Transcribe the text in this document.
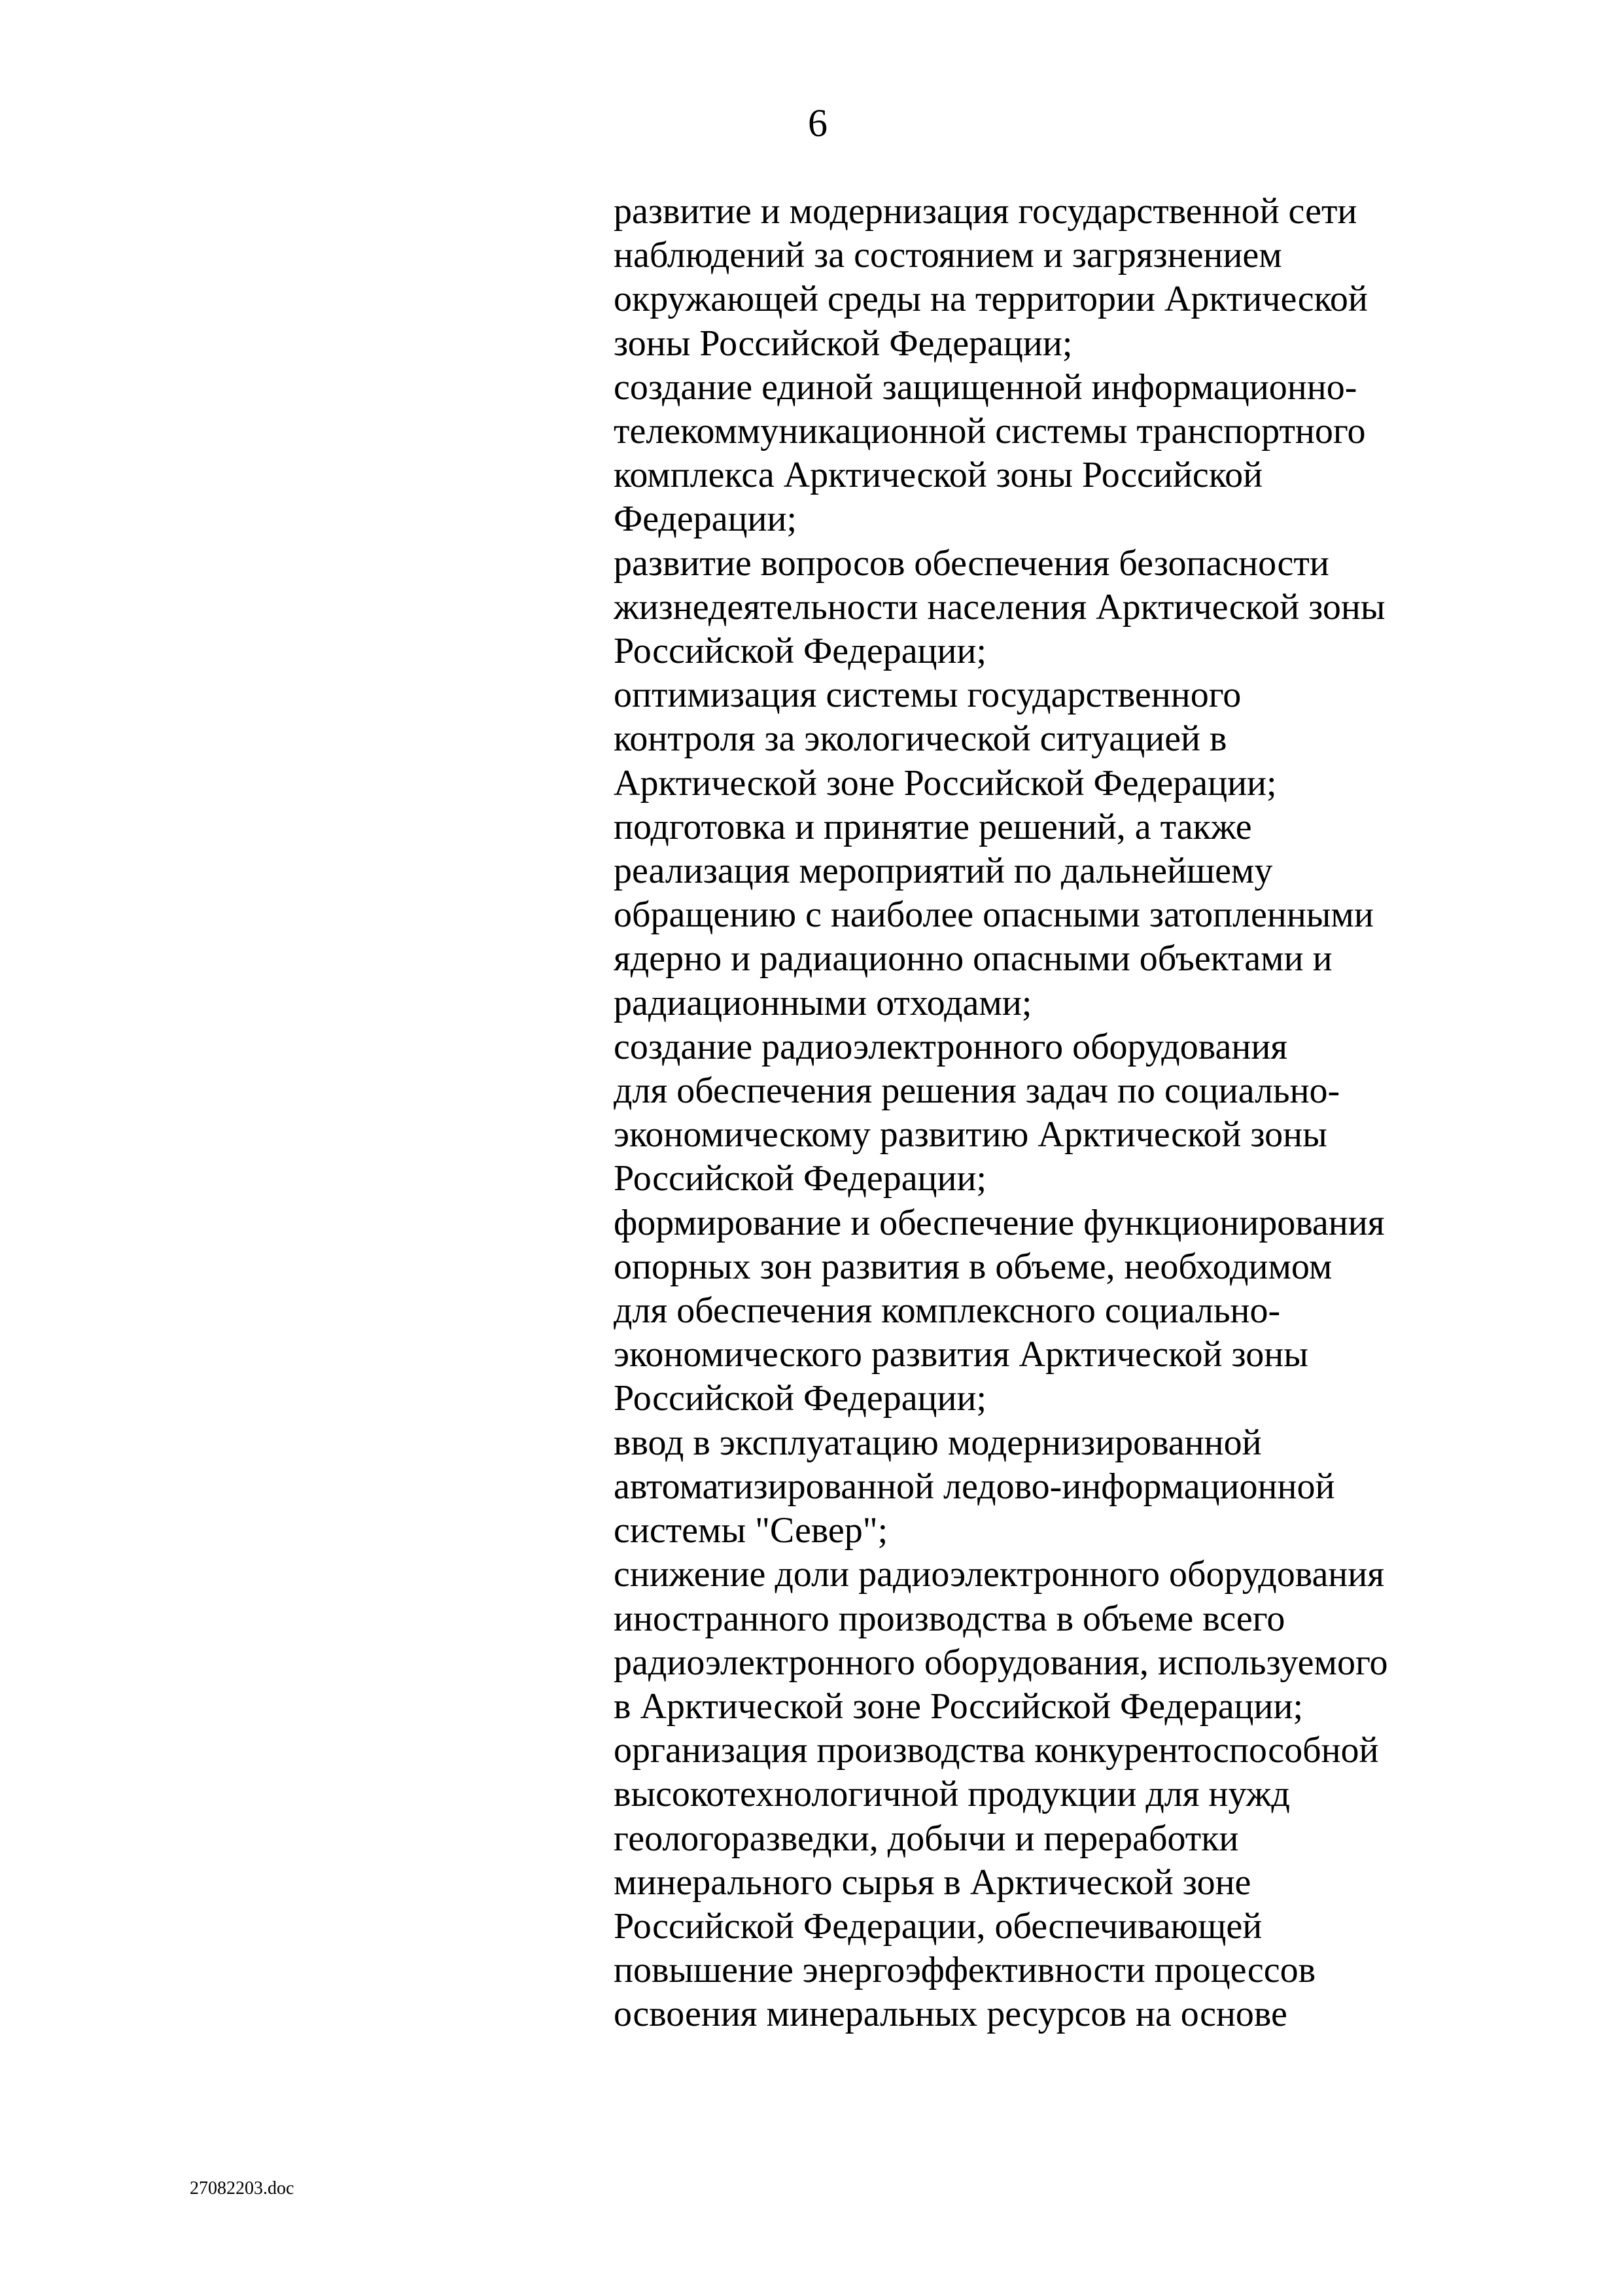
6
развитие и модернизация государственной сети
наблюдений за состоянием и загрязнением
окружающей среды на территории Арктической
зоны Российской Федерации;
создание единой защищенной информационно-
телекоммуникационной системы транспортного
комплекса Арктической зоны Российской
Федерации;
развитие вопросов обеспечения безопасности
жизнедеятельности населения Арктической зоны
Российской Федерации;
оптимизация системы государственного
контроля за экологической ситуацией в
Арктической зоне Российской Федерации;
подготовка и принятие решений, а также
реализация мероприятий по дальнейшему
обращению с наиболее опасными затопленными
ядерно и радиационно опасными объектами и
радиационными отходами;
создание радиоэлектронного оборудования
для обеспечения решения задач по социально-
экономическому развитию Арктической зоны
Российской Федерации;
формирование и обеспечение функционирования
опорных зон развития в объеме, необходимом
для обеспечения комплексного социально-
экономического развития Арктической зоны
Российской Федерации;
ввод в эксплуатацию модернизированной
автоматизированной ледово-информационной
системы "Север";
снижение доли радиоэлектронного оборудования
иностранного производства в объеме всего
радиоэлектронного оборудования, используемого
в Арктической зоне Российской Федерации;
организация производства конкурентоспособной
высокотехнологичной продукции для нужд
геологоразведки, добычи и переработки
минерального сырья в Арктической зоне
Российской Федерации, обеспечивающей
повышение энергоэффективности процессов
освоения минеральных ресурсов на основе
27082203.doc
